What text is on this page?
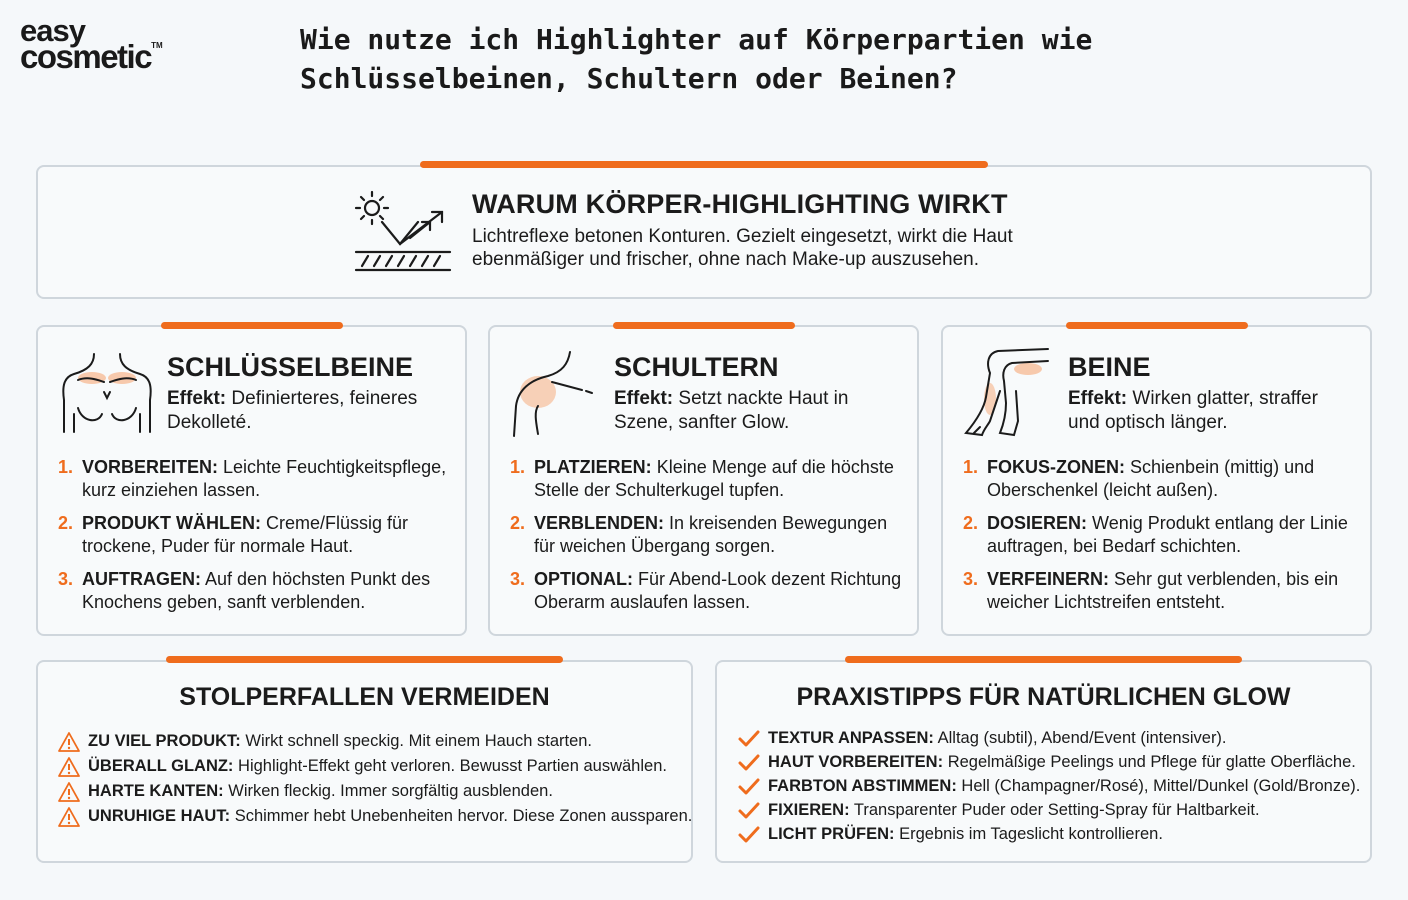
easy
cosmetic™	Wie nutze ich Highlighter auf Körperpartien wie
Schlüsselbeinen, Schultern oder Beinen?
WARUM KÖRPER-HIGHLIGHTING WIRKT
Lichtreflexe betonen Konturen. Gezielt eingesetzt, wirkt die Haut ebenmäßiger und frischer, ohne nach Make-up auszusehen.
SCHLÜSSELBEINE
Effekt: Definierteres, feineres Dekolleté.
1. VORBEREITEN: Leichte Feuchtigkeitspflege, kurz einziehen lassen.
2. PRODUKT WÄHLEN: Creme/Flüssig für trockene, Puder für normale Haut.
3. AUFTRAGEN: Auf den höchsten Punkt des Knochens geben, sanft verblenden.
SCHULTERN
Effekt: Setzt nackte Haut in Szene, sanfter Glow.
1. PLATZIEREN: Kleine Menge auf die höchste Stelle der Schulterkugel tupfen.
2. VERBLENDEN: In kreisenden Bewegungen für weichen Übergang sorgen.
3. OPTIONAL: Für Abend-Look dezent Richtung Oberarm auslaufen lassen.
BEINE
Effekt: Wirken glatter, straffer und optisch länger.
1. FOKUS-ZONEN: Schienbein (mittig) und Oberschenkel (leicht außen).
2. DOSIEREN: Wenig Produkt entlang der Linie auftragen, bei Bedarf schichten.
3. VERFEINERN: Sehr gut verblenden, bis ein weicher Lichtstreifen entsteht.
STOLPERFALLEN VERMEIDEN
ZU VIEL PRODUKT: Wirkt schnell speckig. Mit einem Hauch starten.
ÜBERALL GLANZ: Highlight-Effekt geht verloren. Bewusst Partien auswählen.
HARTE KANTEN: Wirken fleckig. Immer sorgfältig ausblenden.
UNRUHIGE HAUT: Schimmer hebt Unebenheiten hervor. Diese Zonen aussparen.
PRAXISTIPPS FÜR NATÜRLICHEN GLOW
TEXTUR ANPASSEN: Alltag (subtil), Abend/Event (intensiver).
HAUT VORBEREITEN: Regelmäßige Peelings und Pflege für glatte Oberfläche.
FARBTON ABSTIMMEN: Hell (Champagner/Rosé), Mittel/Dunkel (Gold/Bronze).
FIXIEREN: Transparenter Puder oder Setting-Spray für Haltbarkeit.
LICHT PRÜFEN: Ergebnis im Tageslicht kontrollieren.
